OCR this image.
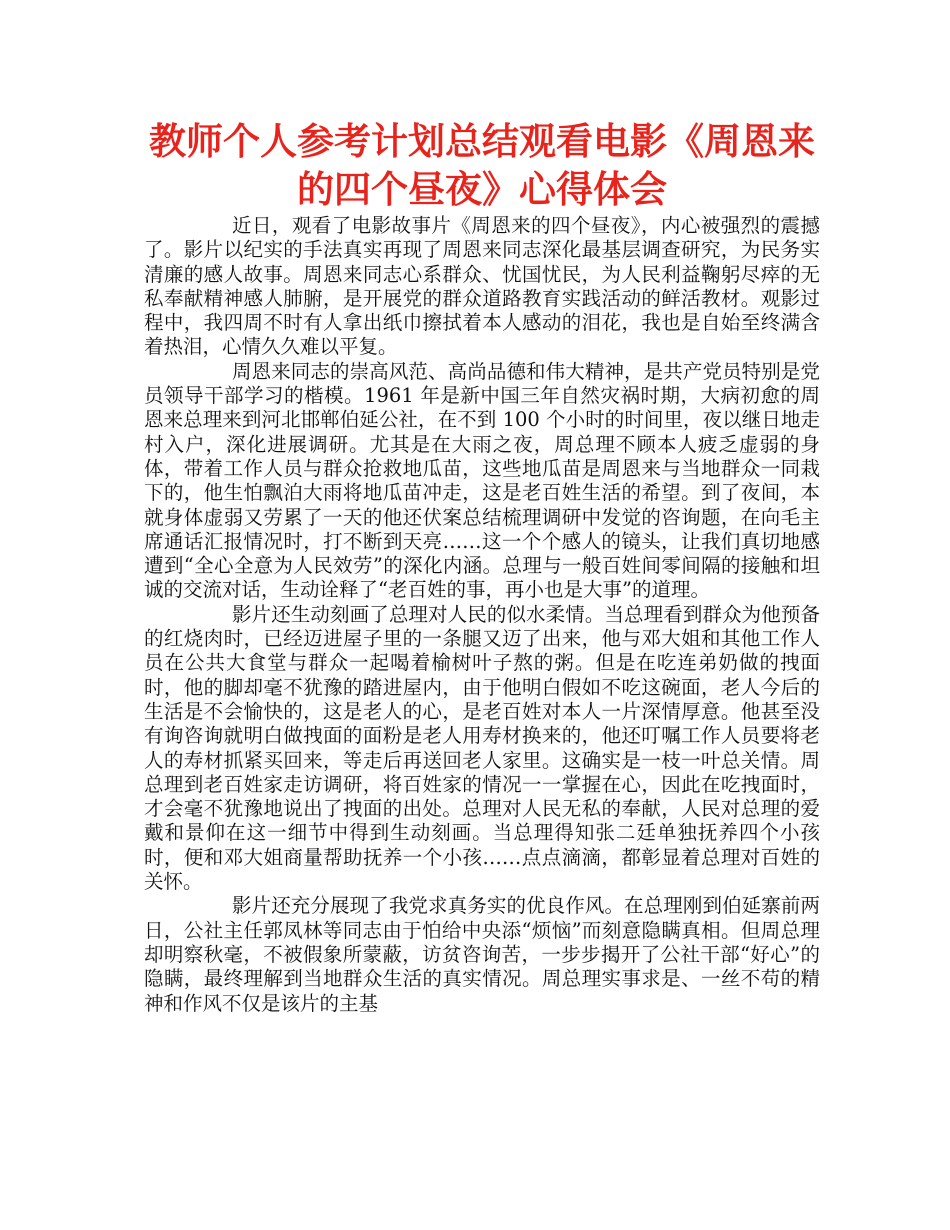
教师个人参考计划总结观看电影《周恩来
的四个昼夜》心得体会

近日，观看了电影故事片《周恩来的四个昼夜》，内心被强烈的震撼了。影片以纪实的手法真实再现了周恩来同志深化最基层调查研究，为民务实清廉的感人故事。周恩来同志心系群众、忧国忧民，为人民利益鞠躬尽瘁的无私奉献精神感人肺腑，是开展党的群众道路教育实践活动的鲜活教材。观影过程中，我四周不时有人拿出纸巾擦拭着本人感动的泪花，我也是自始至终满含着热泪，心情久久难以平复。

周恩来同志的崇高风范、高尚品德和伟大精神，是共产党员特别是党员领导干部学习的楷模。1961 年是新中国三年自然灾祸时期，大病初愈的周恩来总理来到河北邯郸伯延公社，在不到 100 个小时的时间里，夜以继日地走村入户，深化进展调研。尤其是在大雨之夜，周总理不顾本人疲乏虚弱的身体，带着工作人员与群众抢救地瓜苗，这些地瓜苗是周恩来与当地群众一同栽下的，他生怕飘泊大雨将地瓜苗冲走，这是老百姓生活的希望。到了夜间，本就身体虚弱又劳累了一天的他还伏案总结梳理调研中发觉的咨询题，在向毛主席通话汇报情况时，打不断到天亮……这一个个感人的镜头，让我们真切地感遭到“全心全意为人民效劳”的深化内涵。总理与一般百姓间零间隔的接触和坦诚的交流对话，生动诠释了“老百姓的事，再小也是大事”的道理。

影片还生动刻画了总理对人民的似水柔情。当总理看到群众为他预备的红烧肉时，已经迈进屋子里的一条腿又迈了出来，他与邓大姐和其他工作人员在公共大食堂与群众一起喝着榆树叶子熬的粥。但是在吃连弟奶做的拽面时，他的脚却毫不犹豫的踏进屋内，由于他明白假如不吃这碗面，老人今后的生活是不会愉快的，这是老人的心，是老百姓对本人一片深情厚意。他甚至没有询咨询就明白做拽面的面粉是老人用寿材换来的，他还叮嘱工作人员要将老人的寿材抓紧买回来，等走后再送回老人家里。这确实是一枝一叶总关情。周总理到老百姓家走访调研，将百姓家的情况一一掌握在心，因此在吃拽面时，才会毫不犹豫地说出了拽面的出处。总理对人民无私的奉献，人民对总理的爱戴和景仰在这一细节中得到生动刻画。当总理得知张二廷单独抚养四个小孩时，便和邓大姐商量帮助抚养一个小孩……点点滴滴，都彰显着总理对百姓的关怀。

影片还充分展现了我党求真务实的优良作风。在总理刚到伯延寨前两日，公社主任郭凤林等同志由于怕给中央添“烦恼”而刻意隐瞒真相。但周总理却明察秋毫，不被假象所蒙蔽，访贫咨询苦，一步步揭开了公社干部“好心”的隐瞒，最终理解到当地群众生活的真实情况。周总理实事求是、一丝不苟的精神和作风不仅是该片的主基
